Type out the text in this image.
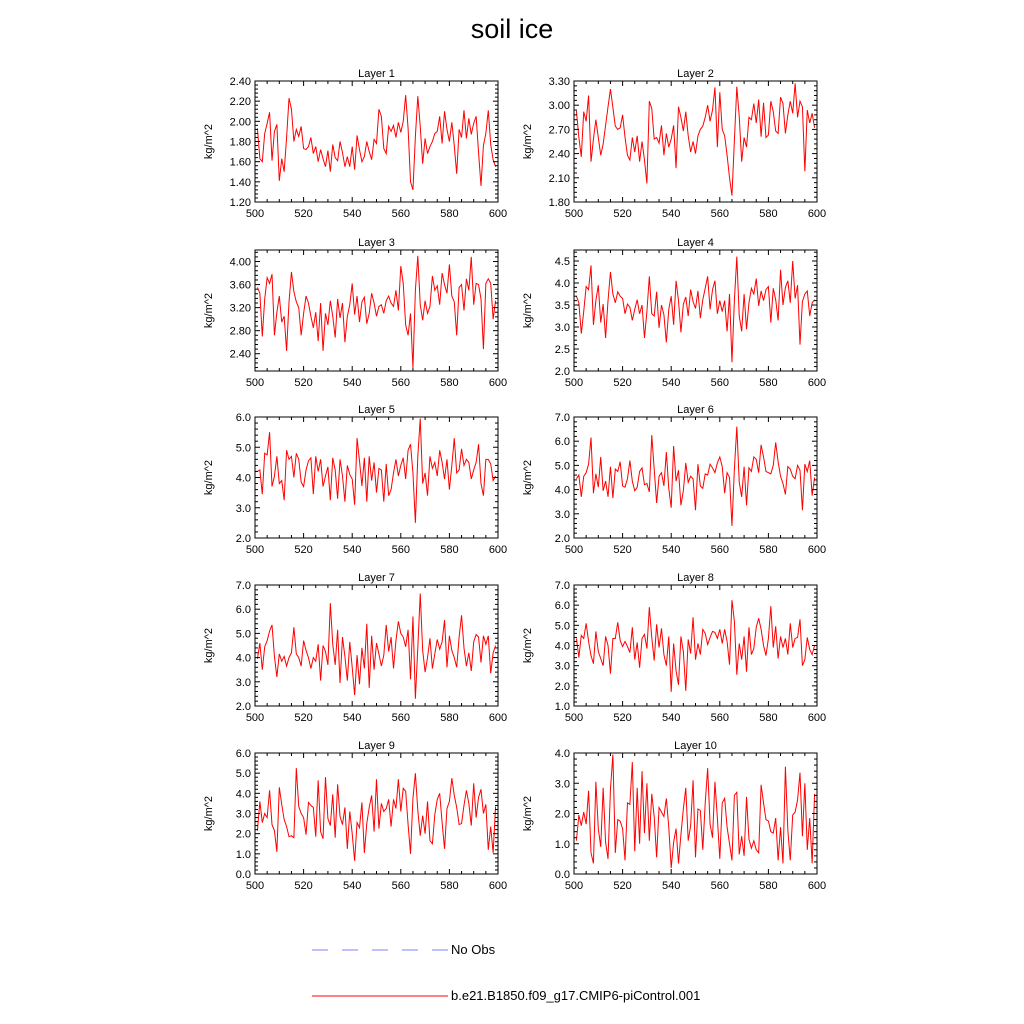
soil ice
Layer 1
500	520	540	560	580	600
1.20
1.40
1.60
1.80
2.00
2.20
2.40
kg/m^2
Layer 2
500	520	540	560	580	600
1.80
2.10
2.40
2.70
3.00
3.30
kg/m^2
Layer 3
500	520	540	560	580	600
2.40
2.80
3.20
3.60
4.00
kg/m^2
Layer 4
500	520	540	560	580	600
2.0
2.5
3.0
3.5
4.0
4.5
kg/m^2
Layer 5
500	520	540	560	580	600
2.0
3.0
4.0
5.0
6.0
kg/m^2
Layer 6
500	520	540	560	580	600
2.0
3.0
4.0
5.0
6.0
7.0
kg/m^2
Layer 7
500	520	540	560	580	600
2.0
3.0
4.0
5.0
6.0
7.0
kg/m^2
Layer 8
500	520	540	560	580	600
1.0
2.0
3.0
4.0
5.0
6.0
7.0
kg/m^2
Layer 9
500	520	540	560	580	600
0.0
1.0
2.0
3.0
4.0
5.0
6.0
kg/m^2
Layer 10
500	520	540	560	580	600
0.0
1.0
2.0
3.0
4.0
kg/m^2
No Obs
b.e21.B1850.f09_g17.CMIP6-piControl.001
